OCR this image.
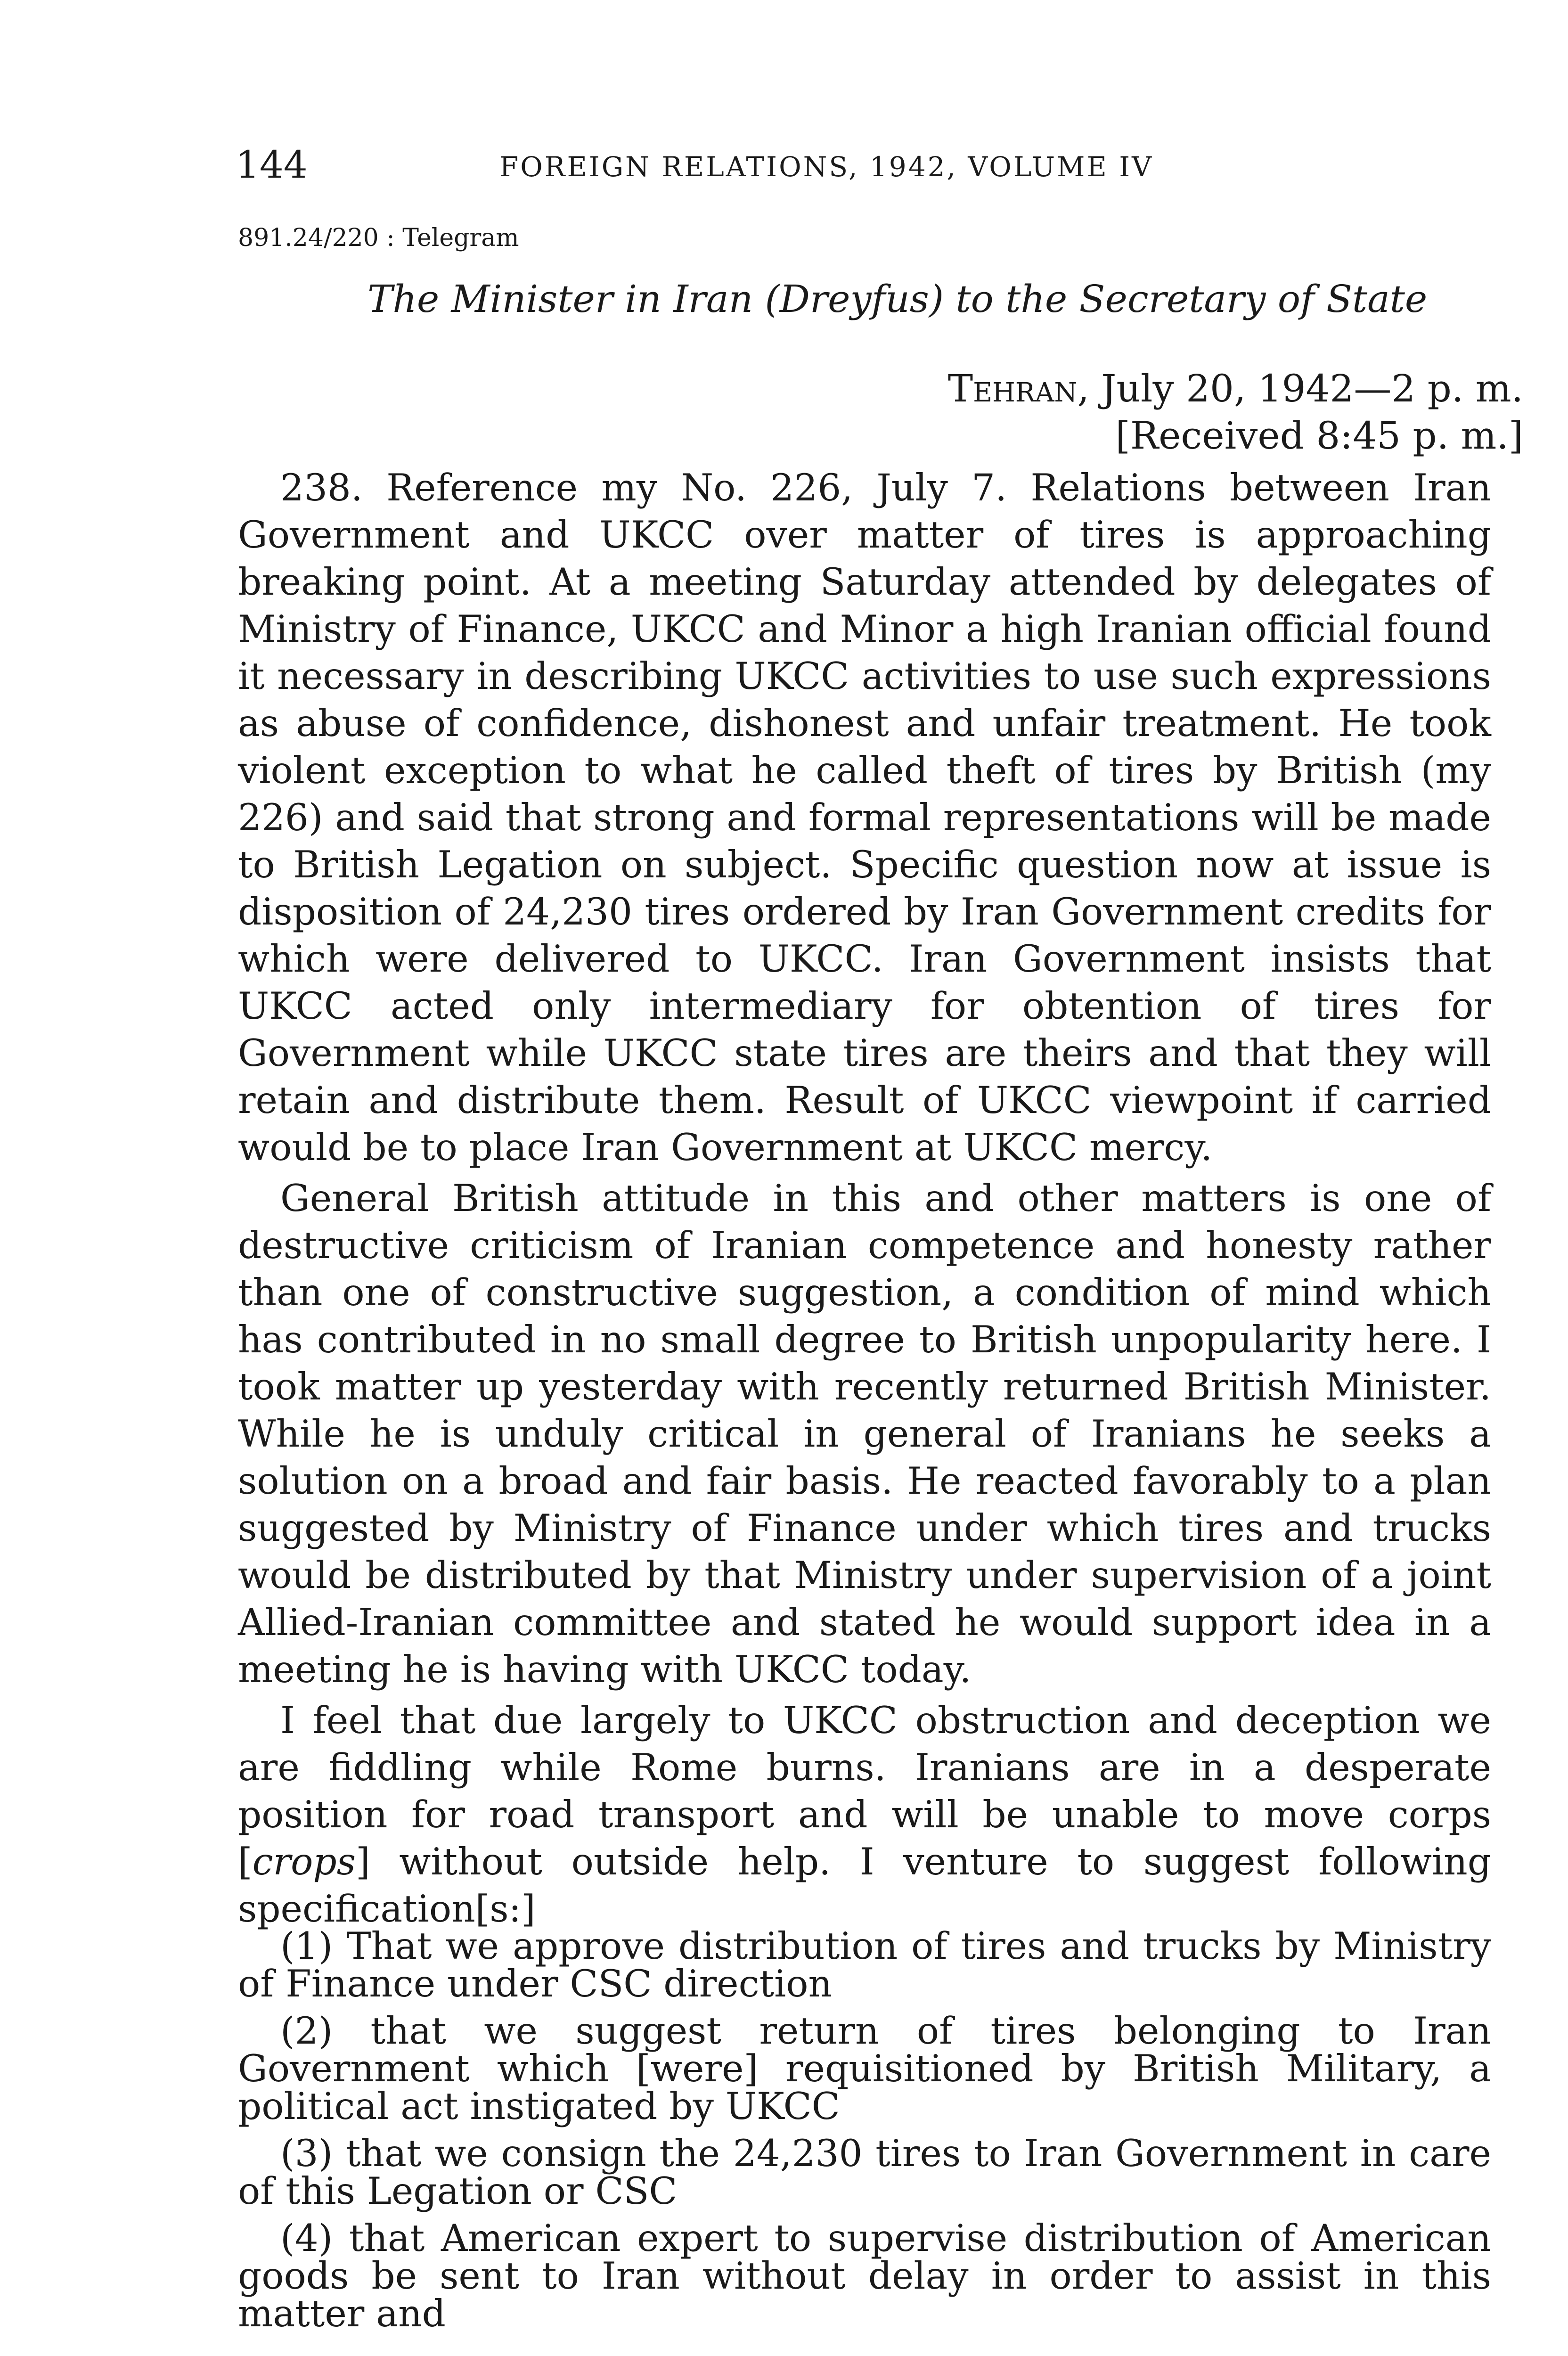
144	FOREIGN RELATIONS, 1942, VOLUME IV
891.24/220 : Telegram
The Minister in Iran (Dreyfus) to the Secretary of State
Tehran, July 20, 1942—2 p. m.
[Received 8:45 p. m.]

238. Reference my No. 226, July 7. Relations between Iran Government and UKCC over matter of tires is approaching breaking point. At a meeting Saturday attended by delegates of Ministry of Finance, UKCC and Minor a high Iranian official found it necessary in describing UKCC activities to use such expressions as abuse of confidence, dishonest and unfair treatment. He took violent exception to what he called theft of tires by British (my 226) and said that strong and formal representations will be made to British Legation on subject. Specific question now at issue is disposition of 24,230 tires ordered by Iran Government credits for which were delivered to UKCC. Iran Government insists that UKCC acted only intermediary for obtention of tires for Government while UKCC state tires are theirs and that they will retain and distribute them. Result of UKCC viewpoint if carried would be to place Iran Government at UKCC mercy.

General British attitude in this and other matters is one of destructive criticism of Iranian competence and honesty rather than one of constructive suggestion, a condition of mind which has contributed in no small degree to British unpopularity here. I took matter up yesterday with recently returned British Minister. While he is unduly critical in general of Iranians he seeks a solution on a broad and fair basis. He reacted favorably to a plan suggested by Ministry of Finance under which tires and trucks would be distributed by that Ministry under supervision of a joint Allied-Iranian committee and stated he would support idea in a meeting he is having with UKCC today.

I feel that due largely to UKCC obstruction and deception we are fiddling while Rome burns. Iranians are in a desperate position for road transport and will be unable to move corps [crops] without outside help. I venture to suggest following specification[s:]

(1) That we approve distribution of tires and trucks by Ministry of Finance under CSC direction

(2) that we suggest return of tires belonging to Iran Government which [were] requisitioned by British Military, a political act instigated by UKCC

(3) that we consign the 24,230 tires to Iran Government in care of this Legation or CSC

(4) that American expert to supervise distribution of American goods be sent to Iran without delay in order to assist in this matter and
